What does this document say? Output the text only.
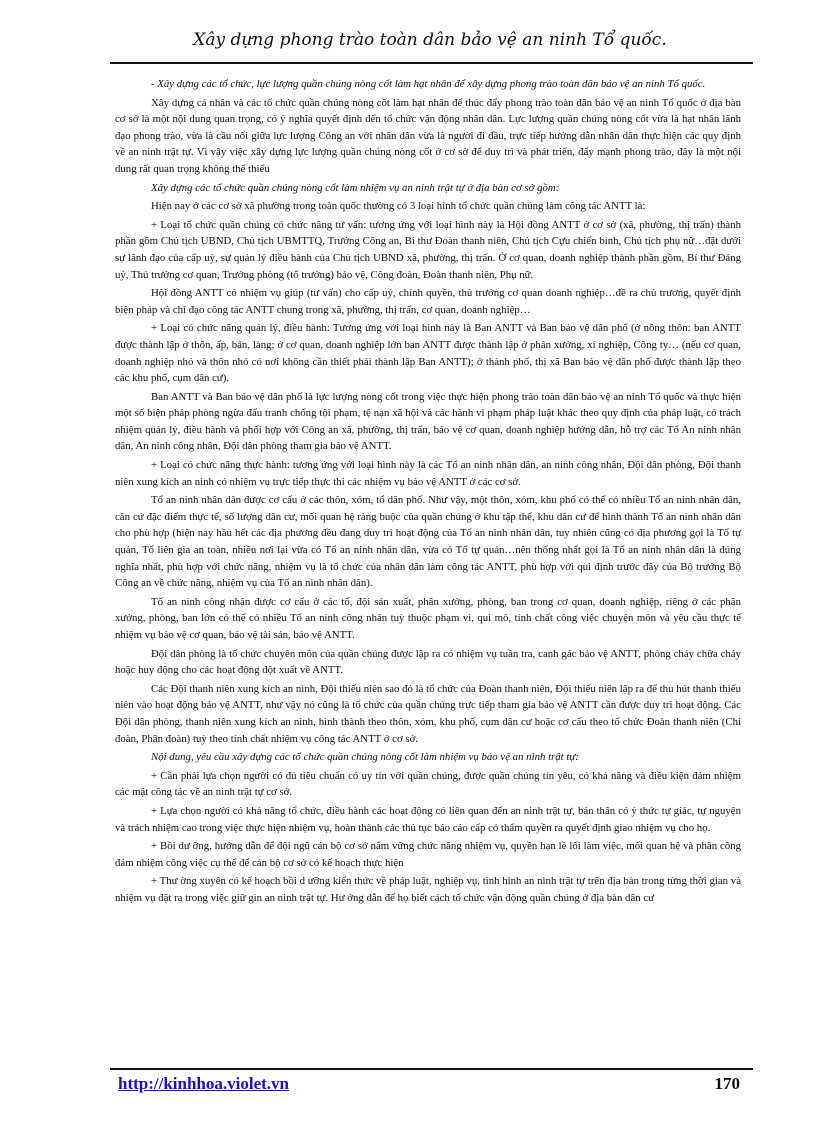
Xây dựng phong trào toàn dân bảo vệ an ninh Tổ quốc.

- Xây dựng các tổ chức, lực lượng quần chúng nòng cốt làm hạt nhân để xây dựng phong trào toàn dân bảo vệ an ninh Tổ quốc.

Xây dựng cá nhân và các tổ chức quần chúng nòng cốt làm hạt nhân để thúc đẩy phong trào toàn dân bảo vệ an ninh Tổ quốc ở địa bàn cơ sở là một nội dung quan trọng, có ý nghĩa quyết định đến tổ chức vận động nhân dân. Lực lượng quần chúng nòng cốt vừa là hạt nhân lãnh đạo phong trào, vừa là cầu nối giữa lực lượng Công an với nhân dân vừa là người đi đầu, trực tiếp hướng dẫn nhân dân thực hiện các quy định về an ninh trật tự. Vì vậy việc xây dựng lực lượng quần chúng nòng cốt ở cơ sở để duy trì và phát triển, đẩy mạnh phong trào, đây là một nội dung rất quan trọng không thể thiếu

Xây dựng các tổ chức quần chúng nòng cốt làm nhiệm vụ an ninh trật tự ở địa bàn cơ sở gồm:

Hiện nay ở các cơ sở xã phường trong toàn quốc thường có 3 loại hình tổ chức quần chúng làm công tác ANTT là:

+ Loại tổ chức quần chúng có chức năng tư vấn: tương ứng với loại hình này là Hội đồng ANTT ở cơ sở (xã, phường, thị trấn) thành phần gồm Chủ tịch UBND, Chủ tịch UBMTTQ, Trưởng Công an, Bí thư Đoàn thanh niên, Chủ tịch Cựu chiến binh, Chủ tịch phụ nữ…đặt dưới sự lãnh đạo của cấp uỷ, sự quản lý điều hành của Chủ tịch UBND xã, phường, thị trấn. Ở cơ quan, doanh nghiệp thành phần gồm, Bí thư Đảng uỷ, Thủ trưởng cơ quan, Trưởng phòng (tổ trưởng) bảo vệ, Công đoàn, Đoàn thanh niên, Phụ nữ.

Hội đồng ANTT có nhiệm vụ giúp (tư vấn) cho cấp uỷ, chính quyền, thủ trưởng cơ quan doanh nghiệp…đề ra chủ trương, quyết định biện pháp và chỉ đạo công tác ANTT chung trong xã, phường, thị trấn, cơ quan, doanh nghiệp…

+ Loại có chức năng quản lý, điều hành: Tương ứng với loại hình này là Ban ANTT và Ban bảo vệ dân phố (ở nông thôn: ban ANTT được thành lập ở thôn, ấp, bản, làng; ở cơ quan, doanh nghiệp lớn ban ANTT được thành lập ở phân xưởng, xí nghiệp, Công ty… (nếu cơ quan, doanh nghiệp nhỏ và thôn nhỏ có nơi không cần thiết phải thành lập Ban ANTT); ở thành phố, thị xã Ban bảo vệ dân phố được thành lập theo các khu phố, cụm dân cư).

Ban ANTT và Ban bảo vệ dân phố là lực lượng nòng cốt trong việc thực hiện phong trào toàn dân bảo vệ an ninh Tổ quốc và thực hiện một số biện pháp phòng ngừa đấu tranh chống tội phạm, tệ nạn xã hội và các hành vi phạm pháp luật khác theo quy định của pháp luật, có trách nhiệm quản lý, điều hành và phối hợp với Công an xã, phường, thị trấn, bảo vệ cơ quan, doanh nghiệp hướng dẫn, hỗ trợ các Tổ An ninh nhân dân, An ninh công nhân, Đội dân phòng tham gia bảo vệ ANTT.

+ Loại có chức năng thực hành: tương ứng với loại hình này là các Tổ an ninh nhân dân, an ninh công nhân, Đội dân phòng, Đội thanh niên xung kích an ninh có nhiệm vụ trực tiếp thực thi các nhiệm vụ bảo vệ ANTT ở các cơ sở.

Tổ an ninh nhân dân được cơ cấu ở các thôn, xóm, tổ dân phố. Như vậy, một thôn, xóm, khu phố có thể có nhiều Tổ an ninh nhân dân, căn cứ đặc điểm thực tế, số lượng dân cư, mối quan hệ ràng buộc của quần chúng ở khu tập thể, khu dân cư để hình thành Tổ an ninh nhân dân cho phù hợp (hiện nay hầu hết các địa phương đều đang duy trì hoạt động của Tổ an ninh nhân dân, tuy nhiên cũng có địa phương gọi là Tổ tự quản, Tổ liên gia an toàn, nhiều nơi lại vừa có Tổ an ninh nhân dân, vừa có Tổ tự quản…nên thống nhất gọi là Tổ an ninh nhân dân là đúng nghĩa nhất, phù hợp với chức năng, nhiệm vụ là tổ chức của nhân dân làm công tác ANTT, phù hợp với qui định trước đây của Bộ trưởng Bộ Công an về chức năng, nhiệm vụ của Tổ an ninh nhân dân).

Tổ an ninh công nhân được cơ cấu ở các tổ, đội sản xuất, phân xưởng, phòng, ban trong cơ quan, doanh nghiệp, riêng ở các phân xưởng, phòng, ban lớn có thể có nhiều Tổ an ninh công nhân tuỳ thuộc phạm vi, qui mô, tính chất công việc chuyên môn và yêu cầu thực tế nhiệm vụ bảo vệ cơ quan, bảo vệ tài sản, bảo vệ ANTT.

Đội dân phòng là tổ chức chuyên môn của quần chúng được lập ra có nhiệm vụ tuần tra, canh gác bảo vệ ANTT, phòng cháy chữa cháy hoặc huy động cho các hoạt động đột xuất về ANTT.

Các Đội thanh niên xung kích an ninh, Đội thiếu niên sao đỏ là tổ chức của Đoàn thanh niên, Đội thiếu niên lập ra để thu hút thanh thiếu niên vào hoạt động bảo vệ ANTT, như vậy nó cũng là tổ chức của quần chúng trực tiếp tham gia bảo vệ ANTT cần được duy trì hoạt động. Các Đội dân phòng, thanh niên xung kích an ninh, hình thành theo thôn, xóm, khu phố, cụm dân cư hoặc cơ cấu theo tổ chức Đoàn thanh niên (Chi đoàn, Phân đoàn) tuỳ theo tính chất nhiệm vụ công tác ANTT ở cơ sở.

Nội dung, yêu cầu xây dựng các tổ chức quần chúng nòng cốt làm nhiệm vụ bảo vệ an ninh trật tự:

+ Cần phải lựa chọn người có đủ tiêu chuẩn có uy tín với quần chúng, được quần chúng tín yêu, có khả năng và điều kiện đảm nhiệm các mặt công tác về an ninh trật tự cơ sở.

+ Lựa chọn người có khả năng tổ chức, điều hành các hoạt động có liên quan đến an ninh trật tự, bản thân có ý thức tự giác, tự nguyện và trách nhiệm cao trong việc thực hiện nhiệm vụ, hoàn thành các thủ tục báo cáo cấp có thẩm quyền ra quyết định giao nhiệm vụ cho họ.

+ Bồi dư ỡng, hướng dẫn để đội ngũ cán bộ cơ sở nắm vững chức năng nhiệm vụ, quyền hạn lề lối làm việc, mối quan hệ và phân công đảm nhiệm công việc cụ thể để cán bộ cơ sở có kế hoạch thực hiện

+ Thư ờng xuyên có kế hoạch bồi d ưỡng kiến thức về pháp luật, nghiệp vụ, tình hình an ninh trật tự trên địa bàn trong từng thời gian và nhiệm vụ đặt ra trong việc giữ gìn an ninh trật tự. Hư ớng dẫn để họ biết cách tổ chức vận động quần chúng ở địa bàn dân cư

http://kinhhoa.violet.vn	170
